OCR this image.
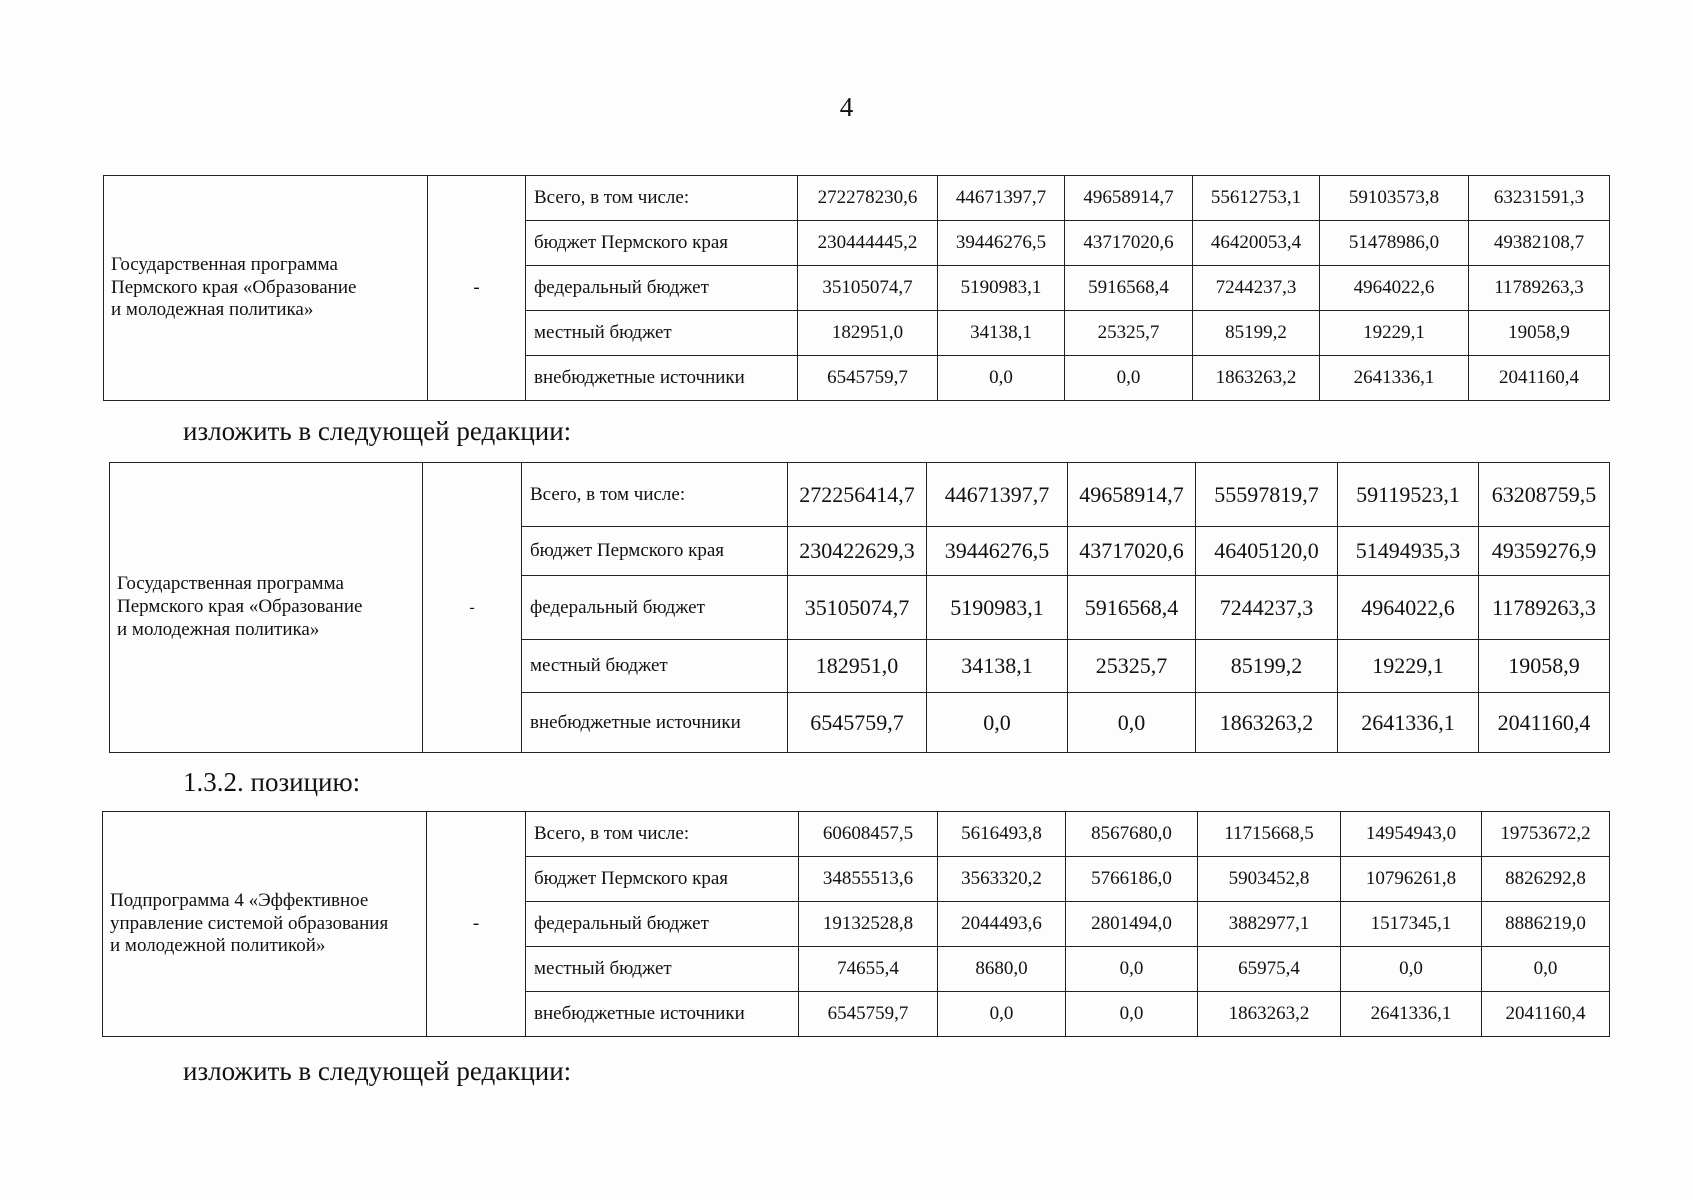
4
Государственная программа
Пермского края «Образование
и молодежная политика»	-	Всего, в том числе:	272278230,6	44671397,7	49658914,7	55612753,1	59103573,8	63231591,3
		бюджет Пермского края	230444445,2	39446276,5	43717020,6	46420053,4	51478986,0	49382108,7
		федеральный бюджет	35105074,7	5190983,1	5916568,4	7244237,3	4964022,6	11789263,3
		местный бюджет	182951,0	34138,1	25325,7	85199,2	19229,1	19058,9
		внебюджетные источники	6545759,7	0,0	0,0	1863263,2	2641336,1	2041160,4
изложить в следующей редакции:
Государственная программа
Пермского края «Образование
и молодежная политика»	-	Всего, в том числе:	272256414,7	44671397,7	49658914,7	55597819,7	59119523,1	63208759,5
		бюджет Пермского края	230422629,3	39446276,5	43717020,6	46405120,0	51494935,3	49359276,9
		федеральный бюджет	35105074,7	5190983,1	5916568,4	7244237,3	4964022,6	11789263,3
		местный бюджет	182951,0	34138,1	25325,7	85199,2	19229,1	19058,9
		внебюджетные источники	6545759,7	0,0	0,0	1863263,2	2641336,1	2041160,4
1.3.2. позицию:
Подпрограмма 4 «Эффективное
управление системой образования
и молодежной политикой»	-	Всего, в том числе:	60608457,5	5616493,8	8567680,0	11715668,5	14954943,0	19753672,2
		бюджет Пермского края	34855513,6	3563320,2	5766186,0	5903452,8	10796261,8	8826292,8
		федеральный бюджет	19132528,8	2044493,6	2801494,0	3882977,1	1517345,1	8886219,0
		местный бюджет	74655,4	8680,0	0,0	65975,4	0,0	0,0
		внебюджетные источники	6545759,7	0,0	0,0	1863263,2	2641336,1	2041160,4
изложить в следующей редакции:
